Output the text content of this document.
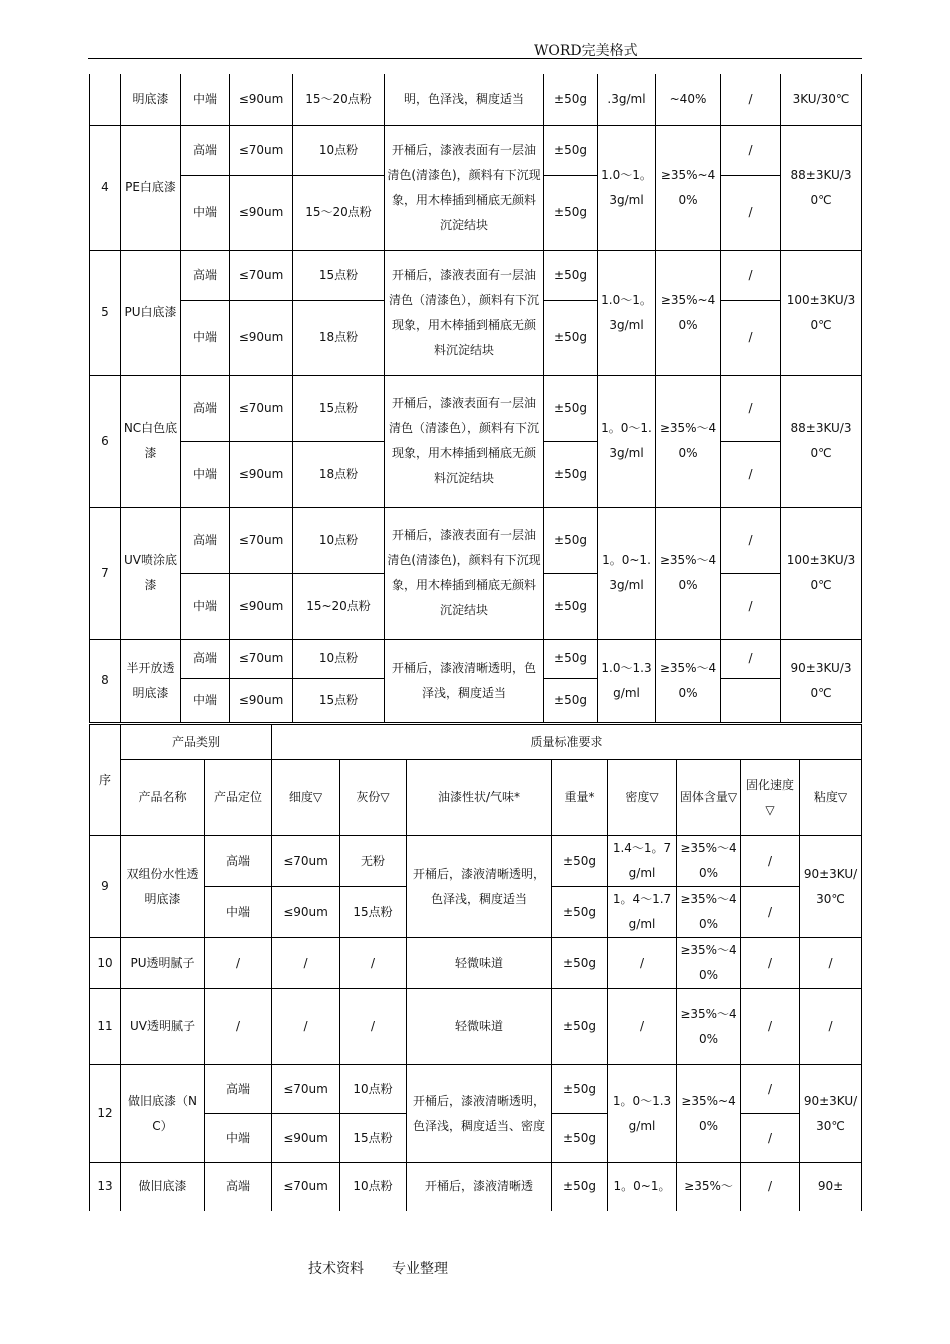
WORD完美格式
	明底漆	中端	≤90um	15～20点粉	明，色泽浅，稠度适当	±50g	.3g/ml	~40%	/	3KU/30℃
4	PE白底漆	高端	≤70um	10点粉	开桶后，漆液表面有一层油清色(清漆色)，颜料有下沉现象，用木棒插到桶底无颜料沉淀结块	±50g	1.0～1。3g/ml	≥35%~40%	/	88±3KU/30℃
		中端	≤90um	15～20点粉		±50g			/	
5	PU白底漆	高端	≤70um	15点粉	开桶后，漆液表面有一层油清色（清漆色），颜料有下沉现象，用木棒插到桶底无颜料沉淀结块	±50g	1.0～1。3g/ml	≥35%~40%	/	100±3KU/30℃
		中端	≤90um	18点粉		±50g			/	
6	NC白色底漆	高端	≤70um	15点粉	开桶后，漆液表面有一层油清色（清漆色），颜料有下沉现象，用木棒插到桶底无颜料沉淀结块	±50g	1。0～1.3g/ml	≥35%～40%	/	88±3KU/30℃
		中端	≤90um	18点粉		±50g			/	
7	UV喷涂底漆	高端	≤70um	10点粉	开桶后，漆液表面有一层油清色(清漆色)，颜料有下沉现象，用木棒插到桶底无颜料沉淀结块	±50g	1。0~1.3g/ml	≥35%～40%	/	100±3KU/30℃
		中端	≤90um	15~20点粉		±50g			/	
8	半开放透明底漆	高端	≤70um	10点粉	开桶后，漆液清晰透明，色泽浅，稠度适当	±50g	1.0～1.3g/ml	≥35%～40%	/	90±3KU/30℃
		中端	≤90um	15点粉		±50g				
序	产品类别		质量标准要求							
	产品名称	产品定位	细度▽	灰份▽	油漆性状/气味*	重量*	密度▽	固体含量▽	固化速度▽	粘度▽
9	双组份水性透明底漆	高端	≤70um	无粉	开桶后，漆液清晰透明，色泽浅，稠度适当	±50g	1.4～1。7g/ml	≥35%～40%	/	90±3KU/30℃
		中端	≤90um	15点粉		±50g	1。4～1.7g/ml	≥35%～40%	/	
10	PU透明腻子	/	/	/	轻微味道	±50g	/	≥35%～40%	/	/
11	UV透明腻子	/	/	/	轻微味道	±50g	/	≥35%～40%	/	/
12	做旧底漆（NC）	高端	≤70um	10点粉	开桶后，漆液清晰透明，色泽浅，稠度适当、密度	±50g	1。0～1.3g/ml	≥35%~40%	/	90±3KU/30℃
		中端	≤90um	15点粉		±50g			/	
13	做旧底漆	高端	≤70um	10点粉	开桶后，漆液清晰透	±50g	1。0~1。	≥35%～	/	90±
技术资料　　专业整理
